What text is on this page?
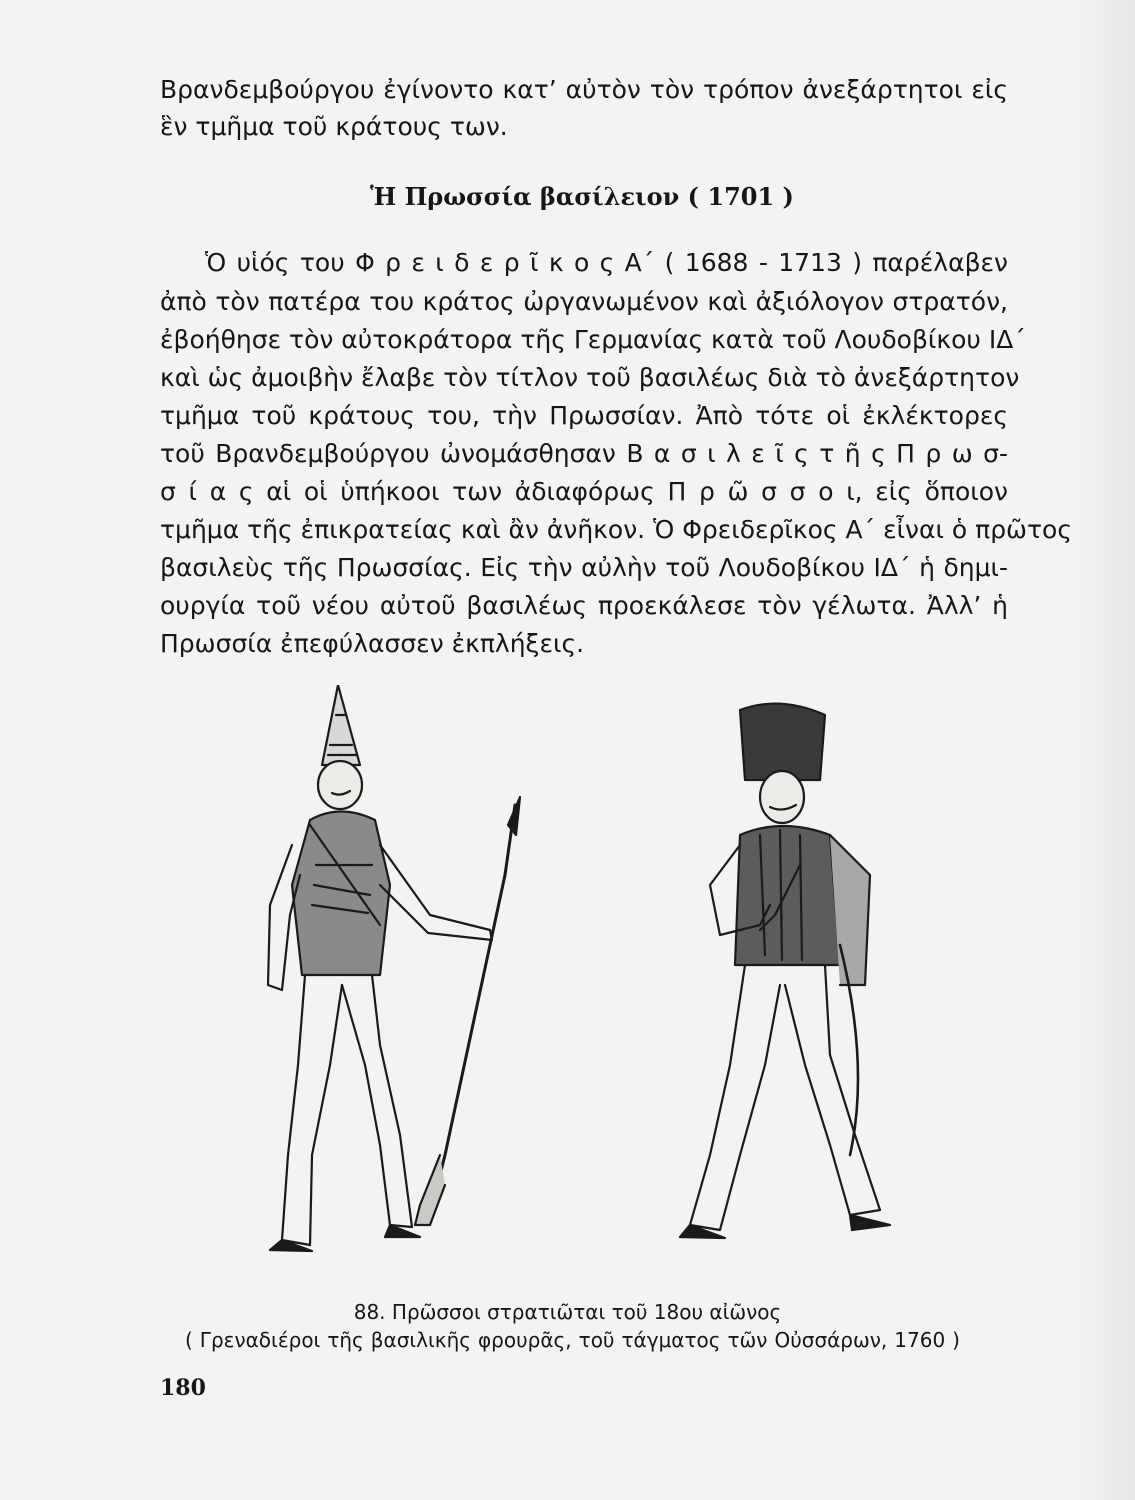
Βρανδεμβούργου ἐγίνοντο κατ’ αὐτὸν τὸν τρόπον ἀνεξάρτητοι εἰς
ἓν τμῆμα τοῦ κράτους των.
Ἡ Πρωσσία βασίλειον ( 1701 )
Ὁ υἱός του Φ ρ ε ι δ ε ρ ῖ κ ο ς Α΄ ( 1688 - 1713 ) παρέλαβεν
ἀπὸ τὸν πατέρα του κράτος ὠργανωμένον καὶ ἀξιόλογον στρατόν,
ἐβοήθησε τὸν αὐτοκράτορα τῆς Γερμανίας κατὰ τοῦ Λουδοβίκου ΙΔ΄
καὶ ὡς ἀμοιβὴν ἔλαβε τὸν τίτλον τοῦ βασιλέως διὰ τὸ ἀνεξάρτητον
τμῆμα τοῦ κράτους του, τὴν Πρωσσίαν. Ἀπὸ τότε οἱ ἐκλέκτορες
τοῦ Βρανδεμβούργου ὠνομάσθησαν Β α σ ι λ ε ῖ ς τ ῆ ς Π ρ ω σ-
σ ί α ς αἱ οἱ ὑπήκοοι των ἀδιαφόρως Π ρ ῶ σ σ ο ι, εἰς ὅποιον
τμῆμα τῆς ἐπικρατείας καὶ ἂν ἀνῆκον. Ὁ Φρειδερῖκος Α΄ εἶναι ὁ πρῶτος
βασιλεὺς τῆς Πρωσσίας. Εἰς τὴν αὐλὴν τοῦ Λουδοβίκου ΙΔ΄ ἡ δημι-
ουργία τοῦ νέου αὐτοῦ βασιλέως προεκάλεσε τὸν γέλωτα. Ἀλλ’ ἡ
Πρωσσία ἐπεφύλασσεν ἐκπλήξεις.
88. Πρῶσσοι στρατιῶται τοῦ 18ου αἰῶνος
( Γρεναδιέροι τῆς βασιλικῆς φρουρᾶς, τοῦ τάγματος τῶν Οὐσσάρων, 1760 )
180
